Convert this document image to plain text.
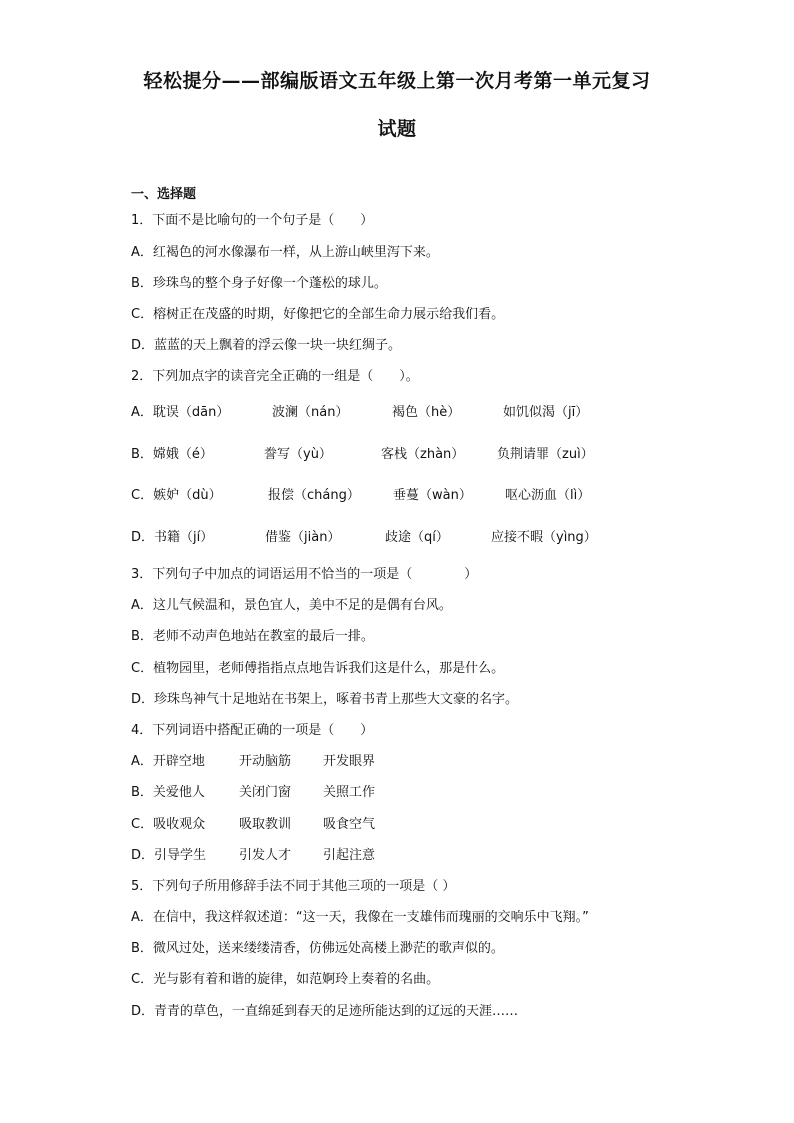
轻松提分——部编版语文五年级上第一次月考第一单元复习
试题
一、选择题
1．下面不是比喻句的一个句子是（　　）
A．红褐色的河水像瀑布一样，从上游山峡里泻下来。
B．珍珠鸟的整个身子好像一个蓬松的球儿。
C．榕树正在茂盛的时期，好像把它的全部生命力展示给我们看。
D．蓝蓝的天上飘着的浮云像一块一块红绸子。
2．下列加点字的读音完全正确的一组是（　　）。
A．耽误（dān）	波澜（nán）	褐色（hè）	如饥似渴（jī）
B．嫦娥（é）	誊写（yù）	客栈（zhàn）	负荆请罪（zuì）
C．嫉妒（dù）	报偿（cháng）	垂蔓（wàn）	呕心沥血（lì）
D．书籍（jí）	借鉴（jiàn）	歧途（qí）	应接不暇（yìng）
3．下列句子中加点的词语运用不恰当的一项是（　　　　）
A．这儿气候温和，景色宜人，美中不足的是偶有台风。
B．老师不动声色地站在教室的最后一排。
C．植物园里，老师傅指指点点地告诉我们这是什么，那是什么。
D．珍珠鸟神气十足地站在书架上，啄着书青上那些大文豪的名字。
4．下列词语中搭配正确的一项是（　　）
A．开辟空地	开动脑筋 开发眼界
B．关爱他人	关闭门窗 关照工作
C．吸收观众	吸取教训 吸食空气
D．引导学生	引发人才 引起注意
5．下列句子所用修辞手法不同于其他三项的一项是（ ）
A．在信中，我这样叙述道：“这一天，我像在一支雄伟而瑰丽的交响乐中飞翔。”
B．微风过处，送来缕缕清香，仿佛远处高楼上渺茫的歌声似的。
C．光与影有着和谐的旋律，如范婀玲上奏着的名曲。
D．青青的草色，一直绵延到春天的足迹所能达到的辽远的天涯……
